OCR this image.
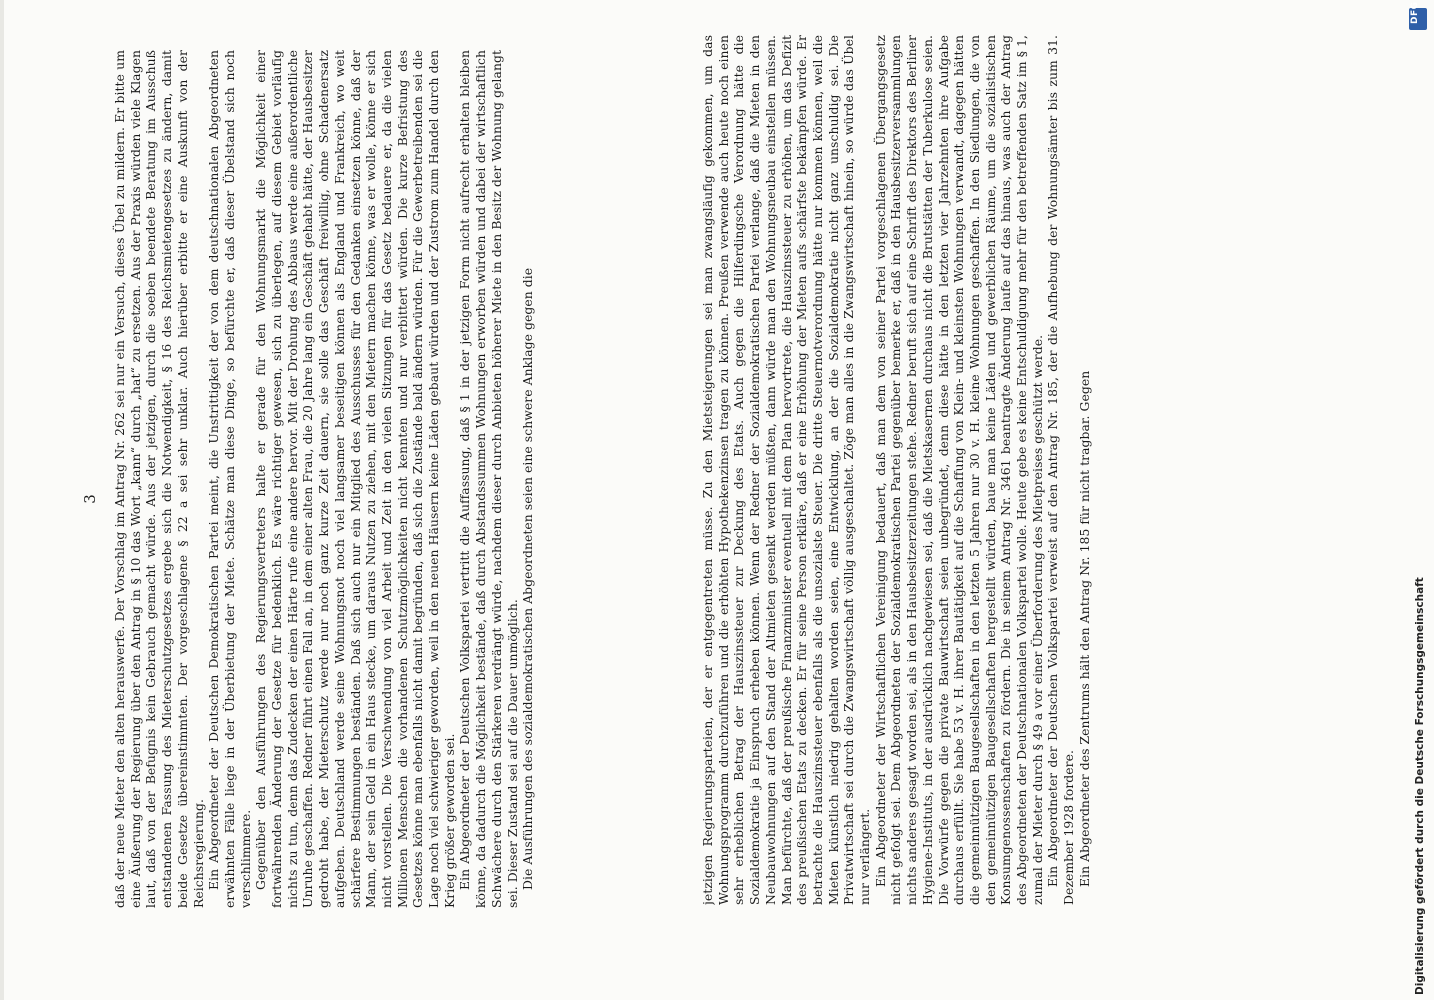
3 daß der neue Mieter den alten herauswerfe. Der Vorschlag im Antrag Nr. 262 sei nur ein Versuch, dieses Übel zu mildern. Er bitte um eine Äußerung der Regierung über den Antrag in § 10 das Wort „kann“ durch „hat“ zu ersetzen. Aus der Praxis würden viele Klagen laut, daß von der Befugnis kein Gebrauch gemacht würde. Aus der jetzigen, durch die soeben beendete Beratung im Ausschuß entstandenen Fassung des Mieterschutzgesetzes ergebe sich die Notwendigkeit, § 16 des Reichsmietengesetzes zu ändern, damit beide Gesetze übereinstimmten. Der vorgeschlagene § 22 a sei sehr unklar. Auch hierüber erbitte er eine Auskunft von der Reichsregierung. Ein Abgeordneter der Deutschen Demokratischen Partei meint, die Unstrittigkeit der von dem deutschnationalen Abgeordneten erwähnten Fälle liege in der Überbietung der Miete. Schätze man diese Dinge, so befürchte er, daß dieser Übelstand sich noch verschlimmere. Gegenüber den Ausführungen des Regierungsvertreters halte er gerade für den Wohnungsmarkt die Möglichkeit einer fortwährenden Änderung der Gesetze für bedenklich. Es wäre richtiger gewesen, sich zu überlegen, auf diesem Gebiet vorläufig nichts zu tun, denn das Zudecken der einen Härte rufe eine andere hervor. Mit der Drohung des Abbaus werde eine außerordentliche Unruhe geschaffen. Redner führt einen Fall an, in dem einer alten Frau, die 20 Jahre lang ein Geschäft gehabt hätte, der Hausbesitzer gedroht habe, der Mieterschutz werde nur noch ganz kurze Zeit dauern, sie solle das Geschäft freiwillig, ohne Schadenersatz aufgeben. Deutschland werde seine Wohnungsnot noch viel langsamer beseitigen können als England und Frankreich, wo weit schärfere Bestimmungen beständen. Daß sich auch nur ein Mitglied des Ausschusses für den Gedanken einsetzen könne, daß der Mann, der sein Geld in ein Haus stecke, um daraus Nutzen zu ziehen, mit den Mietern machen könne, was er wolle, könne er sich nicht vorstellen. Die Verschwendung von viel Arbeit und Zeit in den vielen Sitzungen für das Gesetz bedauere er, da die vielen Millionen Menschen die vorhandenen Schutzmöglichkeiten nicht kennten und nur verbittert würden. Die kurze Befristung des Gesetzes könne man ebenfalls nicht damit begründen, daß sich die Zustände bald ändern würden. Für die Gewerbetreibenden sei die Lage noch viel schwieriger geworden, weil in den neuen Häusern keine Läden gebaut würden und der Zustrom zum Handel durch den Krieg größer geworden sei. Ein Abgeordneter der Deutschen Volkspartei vertritt die Auffassung, daß § 1 in der jetzigen Form nicht aufrecht erhalten bleiben könne, da dadurch die Möglichkeit bestände, daß durch Abstandssummen Wohnungen erworben würden und dabei der wirtschaftlich Schwächere durch den Stärkeren verdrängt würde, nachdem dieser durch Anbieten höherer Miete in den Besitz der Wohnung gelangt sei. Dieser Zustand sei auf die Dauer unmöglich. Die Ausführungen des sozialdemokratischen Abgeordneten seien eine schwere Anklage gegen die	jetzigen Regierungsparteien, der er entgegentreten müsse. Zu den Mietsteigerungen sei man zwangsläufig gekommen, um das Wohnungsprogramm durchzuführen und die erhöhten Hypothekenzinsen tragen zu können. Preußen verwende auch heute noch einen sehr erheblichen Betrag der Hauszinssteuer zur Deckung des Etats. Auch gegen die Hilferdingsche Verordnung hätte die Sozialdemokratie ja Einspruch erheben können. Wenn der Redner der Sozialdemokratischen Partei verlange, daß die Mieten in den Neubauwohnungen auf den Stand der Altmieten gesenkt werden müßten, dann würde man den Wohnungsneubau einstellen müssen. Man befürchte, daß der preußische Finanzminister eventuell mit dem Plan hervortrete, die Hauszinssteuer zu erhöhen, um das Defizit des preußischen Etats zu decken. Er für seine Person erkläre, daß er eine Erhöhung der Mieten aufs schärfste bekämpfen würde. Er betrachte die Hauszinssteuer ebenfalls als die unsozialste Steuer. Die dritte Steuernotverordnung hätte nur kommen können, weil die Mieten künstlich niedrig gehalten worden seien, eine Entwicklung, an der die Sozialdemokratie nicht ganz unschuldig sei. Die Privatwirtschaft sei durch die Zwangswirtschaft völlig ausgeschaltet. Zöge man alles in die Zwangswirtschaft hinein, so würde das Übel nur verlängert. Ein Abgeordneter der Wirtschaftlichen Vereinigung bedauert, daß man dem von seiner Partei vorgeschlagenen Übergangsgesetz nicht gefolgt sei. Dem Abgeordneten der Sozialdemokratischen Partei gegenüber bemerke er, daß in den Hausbesitzerversammlungen nichts anderes gesagt worden sei, als in den Hausbesitzerzeitungen stehe. Redner beruft sich auf eine Schrift des Direktors des Berliner Hygiene-Instituts, in der ausdrücklich nachgewiesen sei, daß die Mietskasernen durchaus nicht die Brutstätten der Tuberkulose seien. Die Vorwürfe gegen die private Bauwirtschaft seien unbegründet, denn diese hätte in den letzten vier Jahrzehnten ihre Aufgabe durchaus erfüllt. Sie habe 53 v. H. ihrer Bautätigkeit auf die Schaffung von Klein- und kleinsten Wohnungen verwandt, dagegen hätten die gemeinnützigen Baugesellschaften in den letzten 5 Jahren nur 30 v. H. kleine Wohnungen geschaffen. In den Siedlungen, die von den gemeinnützigen Baugesellschaften hergestellt würden, baue man keine Läden und gewerblichen Räume, um die sozialistischen Konsumgenossenschaften zu fördern. Die in seinem Antrag Nr. 3461 beantragte Änderung laufe auf das hinaus, was auch der Antrag des Abgeordneten der Deutschnationalen Volkspartei wolle. Heute gebe es keine Entschuldigung mehr für den betreffenden Satz im § 1, zumal der Mieter durch § 49 a vor einer Überforderung des Mietpreises geschützt werde. Ein Abgeordneter der Deutschen Volkspartei verweist auf den Antrag Nr. 185, der die Aufhebung der Wohnungsämter bis zum 31. Dezember 1928 fordere. Ein Abgeordneter des Zentrums hält den Antrag Nr. 185 für nicht tragbar. Gegen	Digitalisierung gefördert durch die Deutsche Forschungsgemeinschaft
DFG
